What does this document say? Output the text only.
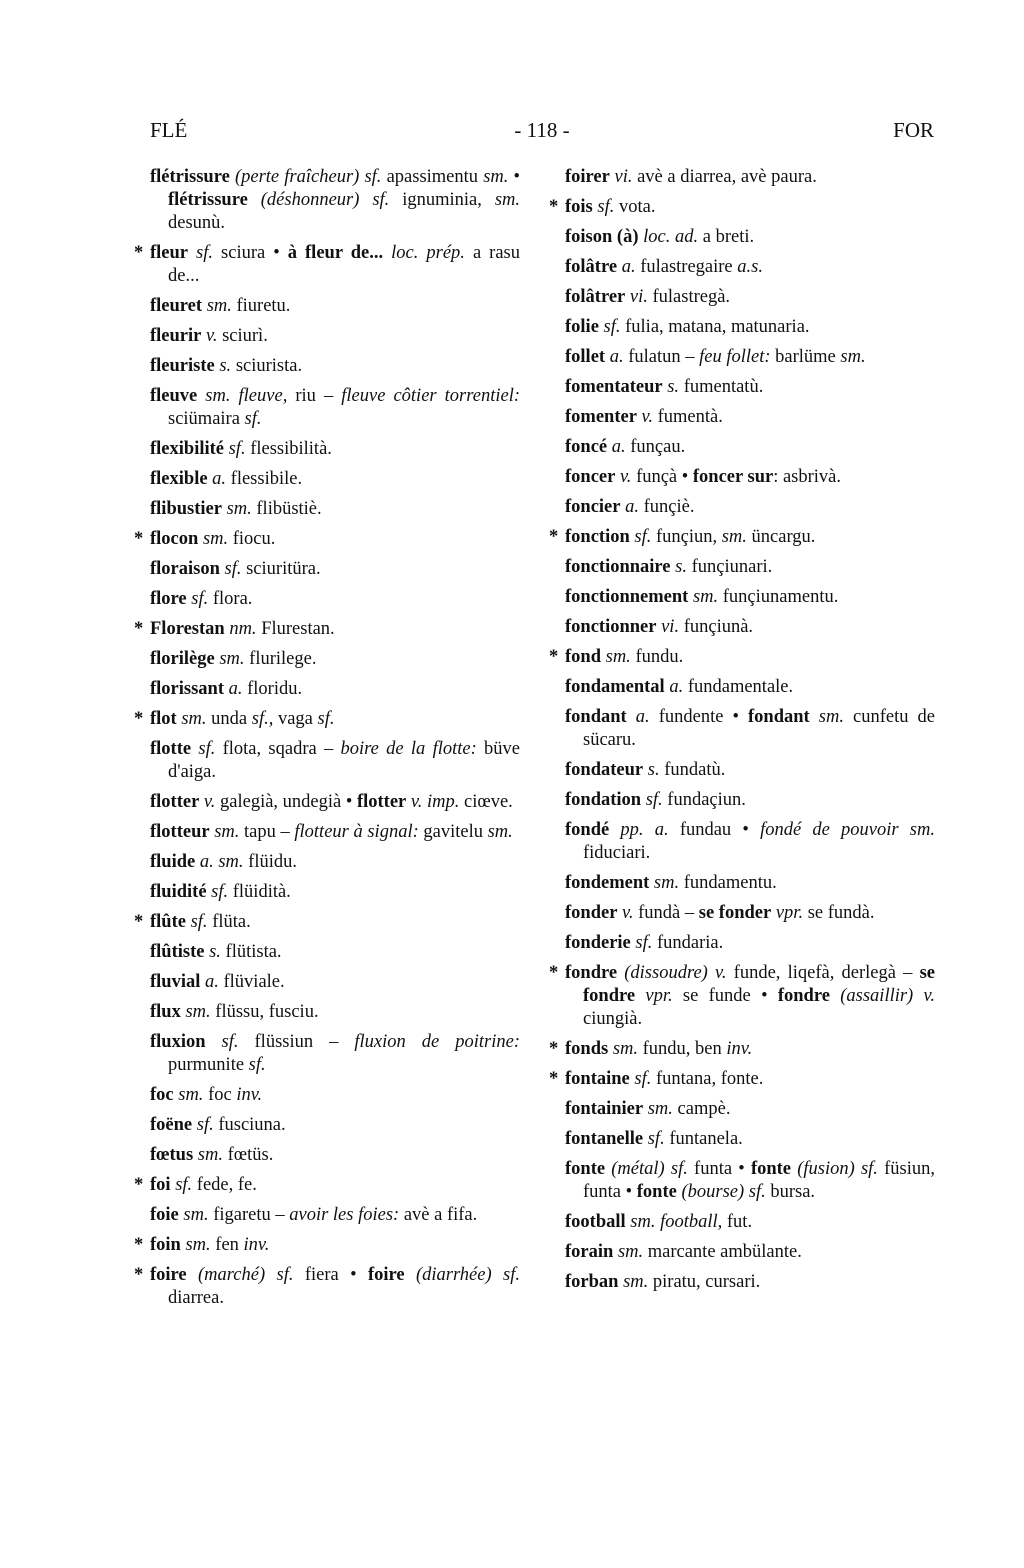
FLÉ	- 118 -	FOR
flétrissure (perte fraîcheur) sf. apassimentu sm. • flétrissure (déshonneur) sf. ignuminia, sm. desunù.
* fleur sf. sciura • à fleur de... loc. prép. a rasu de...
fleuret sm. fiuretu.
fleurir v. sciurì.
fleuriste s. sciurista.
fleuve sm. fleuve, riu – fleuve côtier torrentiel: sciümaira sf.
flexibilité sf. flessibilità.
flexible a. flessibile.
flibustier sm. flibüstiè.
* flocon sm. fiocu.
floraison sf. sciuritüra.
flore sf. flora.
* Florestan nm. Flurestan.
florilège sm. flurilege.
florissant a. floridu.
* flot sm. unda sf., vaga sf.
flotte sf. flota, sqadra – boire de la flotte: büve d'aiga.
flotter v. galegià, undegià • flotter v. imp. ciœve.
flotteur sm. tapu – flotteur à signal: gavitelu sm.
fluide a. sm. flüidu.
fluidité sf. flüidità.
* flûte sf. flüta.
flûtiste s. flütista.
fluvial a. flüviale.
flux sm. flüssu, fusciu.
fluxion sf. flüssiun – fluxion de poitrine: purmunite sf.
foc sm. foc inv.
foëne sf. fusciuna.
fœtus sm. fœtüs.
* foi sf. fede, fe.
foie sm. figaretu – avoir les foies: avè a fifa.
* foin sm. fen inv.
* foire (marché) sf. fiera • foire (diarrhée) sf. diarrea.
foirer vi. avè a diarrea, avè paura.
* fois sf. vota.
foison (à) loc. ad. a breti.
folâtre a. fulastregaire a.s.
folâtrer vi. fulastregà.
folie sf. fulia, matana, matunaria.
follet a. fulatun – feu follet: barlüme sm.
fomentateur s. fumentatù.
fomenter v. fumentà.
foncé a. funçau.
foncer v. funçà • foncer sur: asbrivà.
foncier a. funçiè.
* fonction sf. funçiun, sm. üncargu.
fonctionnaire s. funçiunari.
fonctionnement sm. funçiunamentu.
fonctionner vi. funçiunà.
* fond sm. fundu.
fondamental a. fundamentale.
fondant a. fundente • fondant sm. cunfetu de sücaru.
fondateur s. fundatù.
fondation sf. fundaçiun.
fondé pp. a. fundau • fondé de pouvoir sm. fiduciari.
fondement sm. fundamentu.
fonder v. fundà – se fonder vpr. se fundà.
fonderie sf. fundaria.
* fondre (dissoudre) v. funde, liqefà, derlegà – se fondre vpr. se funde • fondre (assaillir) v. ciungià.
* fonds sm. fundu, ben inv.
* fontaine sf. funtana, fonte.
fontainier sm. campè.
fontanelle sf. funtanela.
fonte (métal) sf. funta • fonte (fusion) sf. füsiun, funta • fonte (bourse) sf. bursa.
football sm. football, fut.
forain sm. marcante ambülante.
forban sm. piratu, cursari.
